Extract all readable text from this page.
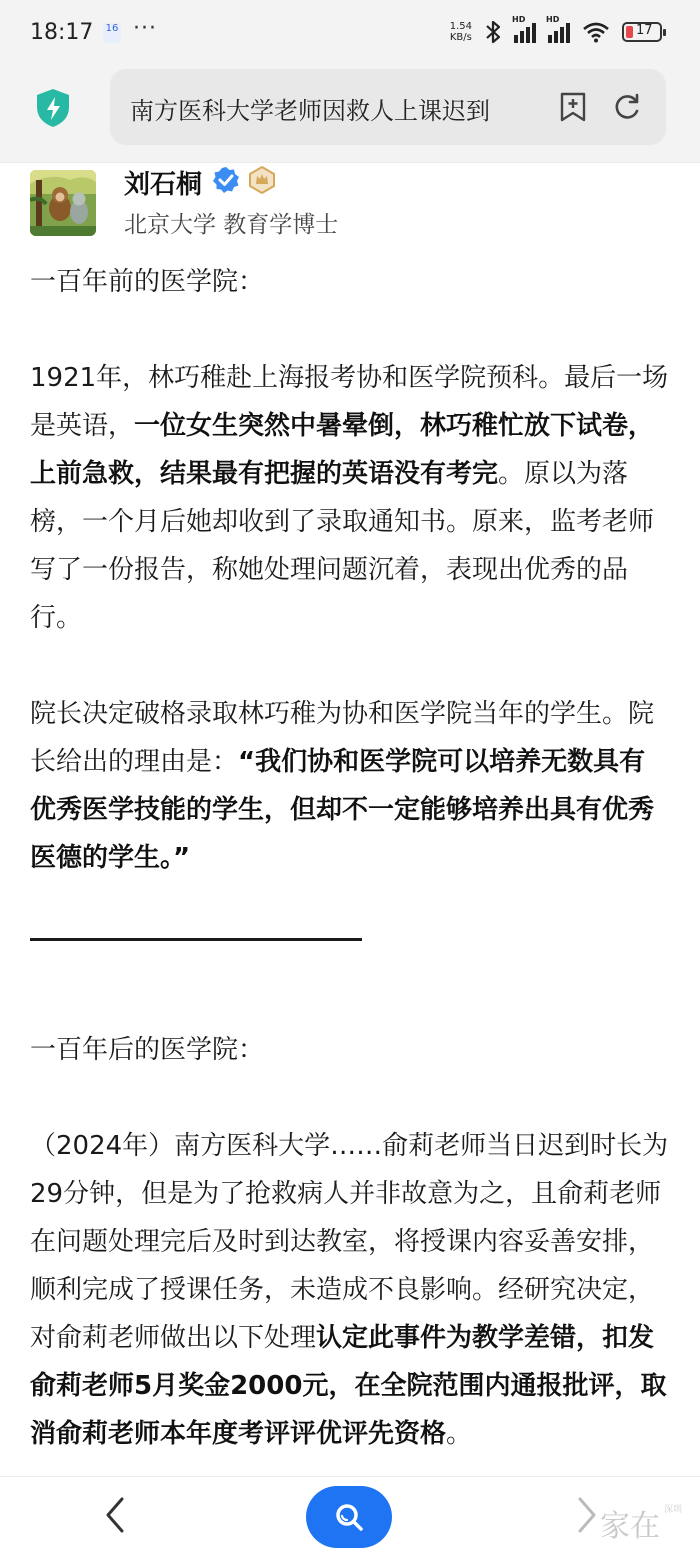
18:17 16 ···	1.54
KB/s
HD	HD
17
南方医科大学老师因救人上课迟到
刘石桐
北京大学 教育学博士

一百年前的医学院：

1921年，林巧稚赴上海报考协和医学院预科。最后一场是英语，一位女生突然中暑晕倒，林巧稚忙放下试卷，上前急救，结果最有把握的英语没有考完。原以为落榜，一个月后她却收到了录取通知书。原来，监考老师写了一份报告，称她处理问题沉着，表现出优秀的品行。

院长决定破格录取林巧稚为协和医学院当年的学生。院长给出的理由是：“我们协和医学院可以培养无数具有优秀医学技能的学生，但却不一定能够培养出具有优秀医德的学生。”

一百年后的医学院：

（2024年）南方医科大学……俞莉老师当日迟到时长为29分钟，但是为了抢救病人并非故意为之，且俞莉老师在问题处理完后及时到达教室，将授课内容妥善安排，顺利完成了授课任务，未造成不良影响。经研究决定，对俞莉老师做出以下处理认定此事件为教学差错，扣发俞莉老师5月奖金2000元，在全院范围内通报批评，取消俞莉老师本年度考评评优评先资格。

家在 深圳
